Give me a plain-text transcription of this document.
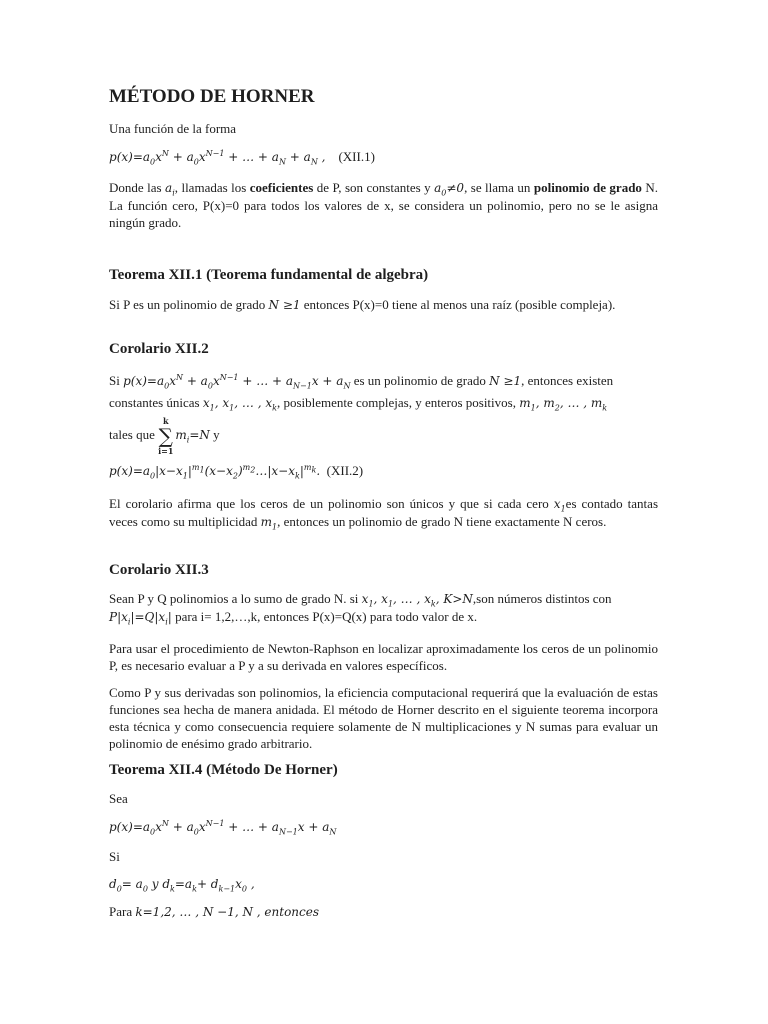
MÉTODO DE HORNER
Una función de la forma
$p(x)=a_0x^N + a_0x^{N-1}$ + … + $a_N + a_N$ , (XII.1)
Donde las $a_i$, llamadas los coeficientes de P, son constantes y $a_0\ne 0$, se llama un polinomio de grado N. La función cero, P(x)=0 para todos los valores de x, se considera un polinomio, pero no se le asigna ningún grado.
Teorema XII.1 (Teorema fundamental de algebra)
Si P es un polinomio de grado N ≥1 entonces P(x)=0 tiene al menos una raíz (posible compleja).
Corolario XII.2
Si $p(x)=a_0x^N + a_0x^{N-1}$ + … + $a_{N-1}x + a_N$ es un polinomio de grado N ≥1, entonces existen
constantes únicas $x_1$, $x_1$, … , $x_k$, posiblemente complejas, y enteros positivos, $m_1$, $m_2$, … , $m_k$
tales que
k
∑
i=1
$m_i=N$ y
$p(x)=a_0|x-x_1|^{m_1}(x-x_2)^{m_2}\dots|x-x_k|^{m_k}$. (XII.2)
El corolario afirma que los ceros de un polinomio son únicos y que si cada cero $x_1es$ contado tantas veces como su multiplicidad $m_1$, entonces un polinomio de grado N tiene exactamente N ceros.
Corolario XII.3
Sean P y Q polinomios a lo sumo de grado N. si $x_1$, $x_1$, … , $x_k$, K>N,son números distintos con
$P|x_i|=Q|x_i|$ para i= 1,2,…,k, entonces P(x)=Q(x) para todo valor de x.
Para usar el procedimiento de Newton-Raphson en localizar aproximadamente los ceros de un polinomio P, es necesario evaluar a P y a su derivada en valores específicos.
Como P y sus derivadas son polinomios, la eficiencia computacional requerirá que la evaluación de estas funciones sea hecha de manera anidada. El método de Horner descrito en el siguiente teorema incorpora esta técnica y como consecuencia requiere solamente de N multiplicaciones y N sumas para evaluar un polinomio de enésimo grado arbitrario.
Teorema XII.4 (Método De Horner)
Sea
$p(x)=a_0x^N + a_0x^{N-1}$ + … + $a_{N-1}x + a_N$
Si
$d_0= a_0$ y $d_k=a_k+ d_{k-1}x_0$ ,
Para k=1,2, … , N −1, N , entonces
